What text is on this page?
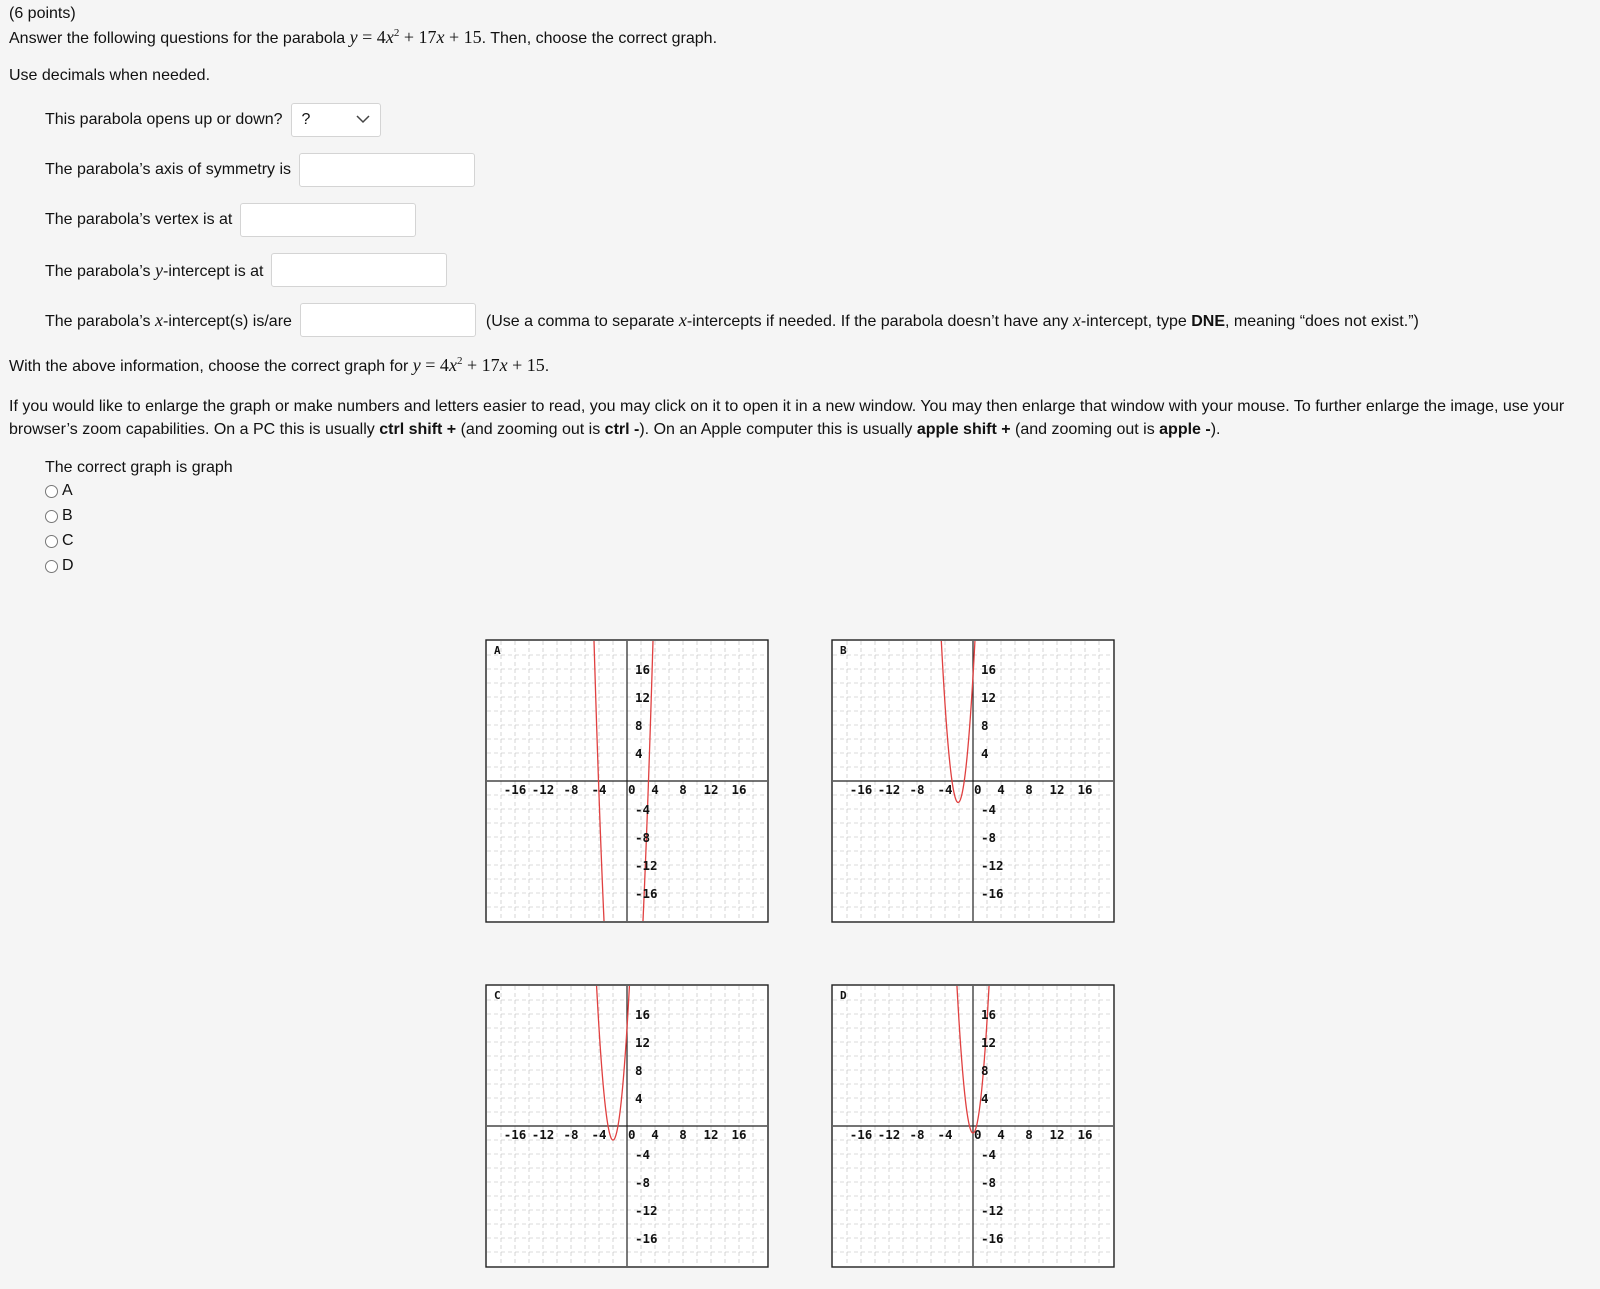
(6 points)
Answer the following questions for the parabola $y = 4x^2 + 17x + 15$. Then, choose the correct graph.
Use decimals when needed.
This parabola opens up or down? ?
The parabola’s axis of symmetry is
The parabola’s vertex is at
The parabola’s y-intercept is at
The parabola’s x-intercept(s) is/are	(Use a comma to separate x-intercepts if needed. If the parabola doesn’t have any x-intercept, type DNE, meaning “does not exist.”)
With the above information, choose the correct graph for $y = 4x^2 + 17x + 15$.
If you would like to enlarge the graph or make numbers and letters easier to read, you may click on it to open it in a new window. You may then enlarge that window with your mouse. To further enlarge the image, use your browser’s zoom capabilities. On a PC this is usually ctrl shift + (and zooming out is ctrl -). On an Apple computer this is usually apple shift + (and zooming out is apple -).
The correct graph is graph
A
B
C
D
-16 -12 -8 -4 0 4 8 12 16
16
12
8
4
-4
-8
-12
-16
A
-16 -12 -8 -4 0 4 8 12 16
16
12
8
4
-4
-8
-12
-16
B
-16 -12 -8 -4 0 4 8 12 16
16
12
8
4
-4
-8
-12
-16
C
-16 -12 -8 -4 0 4 8 12 16
16
12
8
4
-4
-8
-12
-16
D
